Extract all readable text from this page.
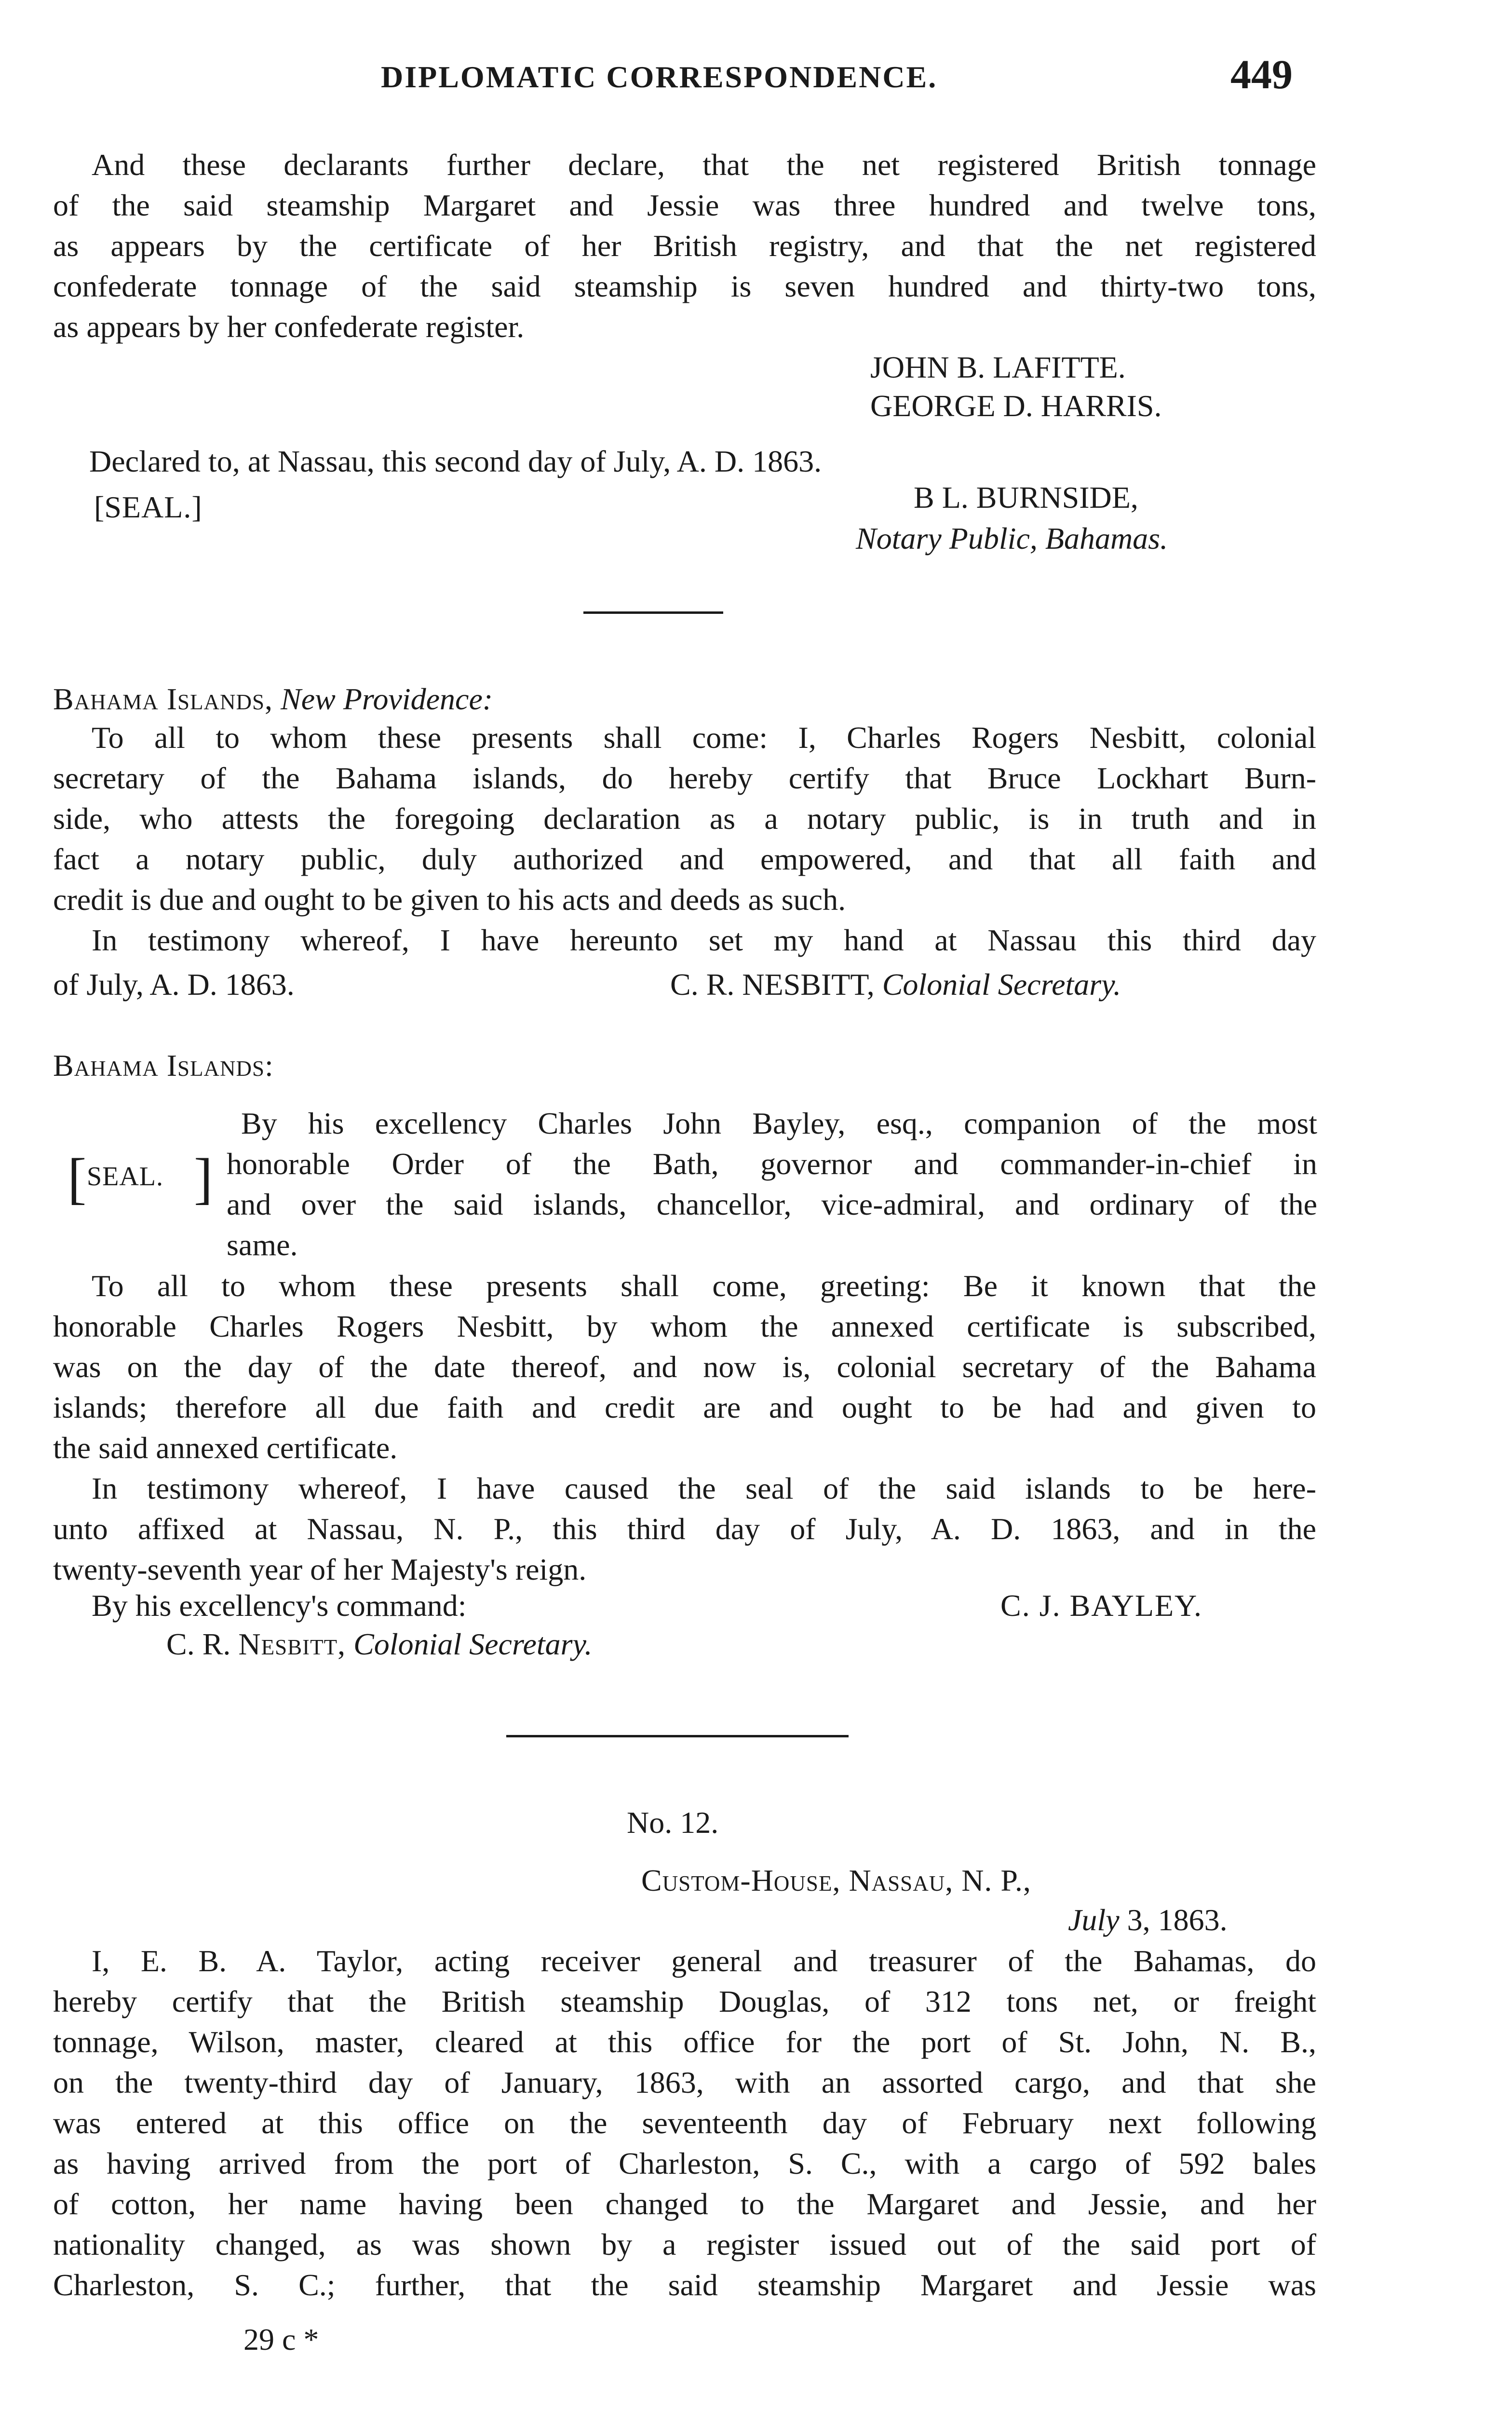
DIPLOMATIC CORRESPONDENCE.	449
And these declarants further declare, that the net registered British tonnage
of the said steamship Margaret and Jessie was three hundred and twelve tons,
as appears by the certificate of her British registry, and that the net registered
confederate tonnage of the said steamship is seven hundred and thirty-two tons,
as appears by her confederate register.
JOHN B. LAFITTE.
GEORGE D. HARRIS.
Declared to, at Nassau, this second day of July, A. D. 1863.
[SEAL.]	B L. BURNSIDE,
Notary Public, Bahamas.
Bahama Islands, New Providence:
To all to whom these presents shall come: I, Charles Rogers Nesbitt, colonial
secretary of the Bahama islands, do hereby certify that Bruce Lockhart Burn-
side, who attests the foregoing declaration as a notary public, is in truth and in
fact a notary public, duly authorized and empowered, and that all faith and
credit is due and ought to be given to his acts and deeds as such.
In testimony whereof, I have hereunto set my hand at Nassau this third day
of July, A. D. 1863.	C. R. NESBITT, Colonial Secretary.
Bahama Islands:
By his excellency Charles John Bayley, esq., companion of the most
honorable Order of the Bath, governor and commander-in-chief in
and over the said islands, chancellor, vice-admiral, and ordinary of the
same.
[ SEAL. ]
To all to whom these presents shall come, greeting: Be it known that the
honorable Charles Rogers Nesbitt, by whom the annexed certificate is subscribed,
was on the day of the date thereof, and now is, colonial secretary of the Bahama
islands; therefore all due faith and credit are and ought to be had and given to
the said annexed certificate.
In testimony whereof, I have caused the seal of the said islands to be here-
unto affixed at Nassau, N. P., this third day of July, A. D. 1863, and in the
twenty-seventh year of her Majesty's reign.
By his excellency's command:	C. J. BAYLEY.
C. R. Nesbitt, Colonial Secretary.
No. 12.
Custom-House, Nassau, N. P.,
July 3, 1863.
I, E. B. A. Taylor, acting receiver general and treasurer of the Bahamas, do
hereby certify that the British steamship Douglas, of 312 tons net, or freight
tonnage, Wilson, master, cleared at this office for the port of St. John, N. B.,
on the twenty-third day of January, 1863, with an assorted cargo, and that she
was entered at this office on the seventeenth day of February next following
as having arrived from the port of Charleston, S. C., with a cargo of 592 bales
of cotton, her name having been changed to the Margaret and Jessie, and her
nationality changed, as was shown by a register issued out of the said port of
Charleston, S. C.; further, that the said steamship Margaret and Jessie was
29 c *
